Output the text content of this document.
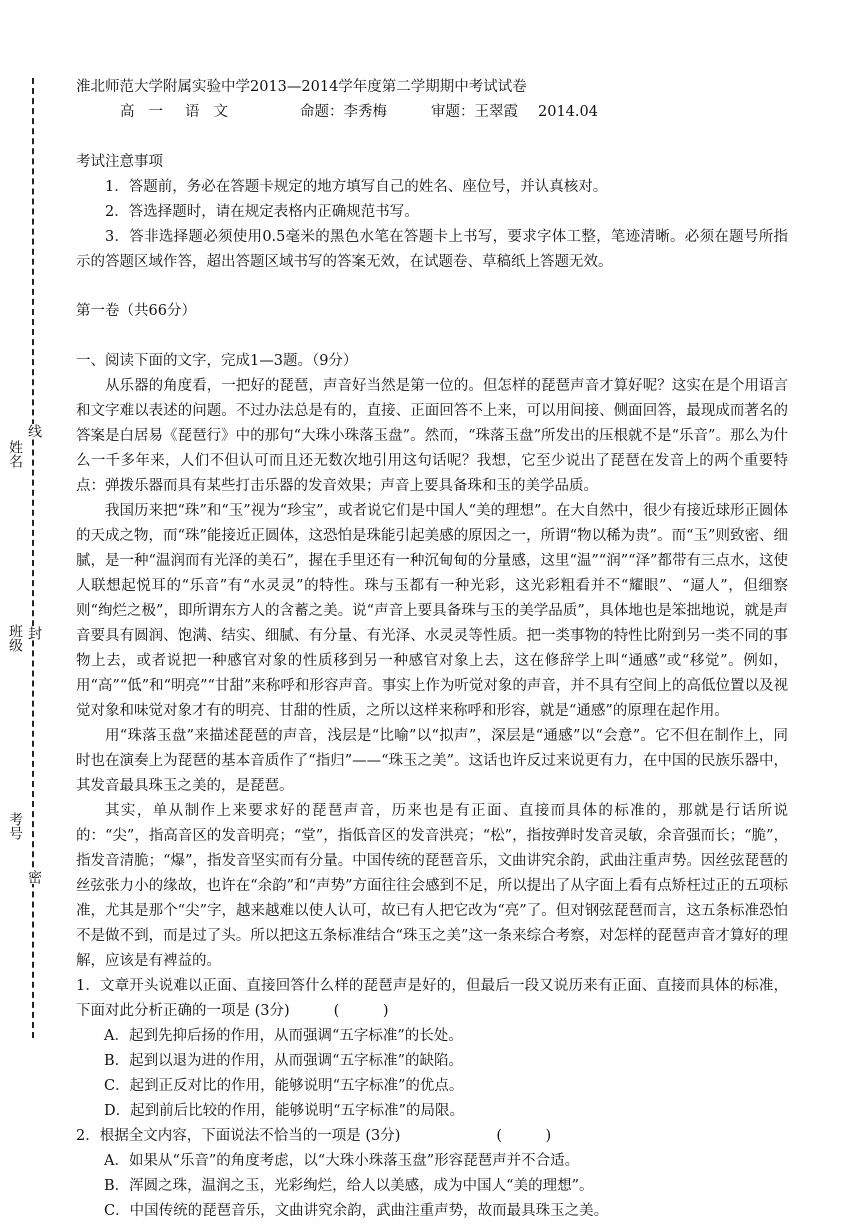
姓名
班级
考号
线
封
密
淮北师范大学附属实验中学2013—2014学年度第二学期期中考试试卷
高一 语文	命题：李秀梅	审题：王翠霞 2014.04
考试注意事项

1．答题前，务必在答题卡规定的地方填写自己的姓名、座位号，并认真核对。

2．答选择题时，请在规定表格内正确规范书写。

3．答非选择题必须使用0.5毫米的黑色水笔在答题卡上书写，要求字体工整，笔迹清晰。必须在题号所指示的答题区域作答，超出答题区域书写的答案无效，在试题卷、草稿纸上答题无效。

第一卷（共66分）
一、阅读下面的文字，完成1—3题。（9分）

从乐器的角度看，一把好的琵琶，声音好当然是第一位的。但怎样的琵琶声音才算好呢？这实在是个用语言和文字难以表述的问题。不过办法总是有的，直接、正面回答不上来，可以用间接、侧面回答，最现成而著名的答案是白居易《琵琶行》中的那句“大珠小珠落玉盘”。然而，“珠落玉盘”所发出的压根就不是“乐音”。那么为什么一千多年来，人们不但认可而且还无数次地引用这句话呢？我想，它至少说出了琵琶在发音上的两个重要特点：弹拨乐器而具有某些打击乐器的发音效果；声音上要具备珠和玉的美学品质。

我国历来把“珠”和“玉”视为“珍宝”，或者说它们是中国人“美的理想”。在大自然中，很少有接近球形正圆体的天成之物，而“珠”能接近正圆体，这恐怕是珠能引起美感的原因之一，所谓“物以稀为贵”。而“玉”则致密、细腻，是一种“温润而有光泽的美石”，握在手里还有一种沉甸甸的分量感，这里“温”“润”“泽”都带有三点水，这使人联想起悦耳的“乐音”有“水灵灵”的特性。珠与玉都有一种光彩，这光彩粗看并不“耀眼”、“逼人”，但细察则“绚烂之极”，即所谓东方人的含蓄之美。说“声音上要具备珠与玉的美学品质”，具体地也是笨拙地说，就是声音要具有圆润、饱满、结实、细腻、有分量、有光泽、水灵灵等性质。把一类事物的特性比附到另一类不同的事物上去，或者说把一种感官对象的性质移到另一种感官对象上去，这在修辞学上叫“通感”或“移觉”。例如，用“高”“低”和“明亮”“甘甜”来称呼和形容声音。事实上作为听觉对象的声音，并不具有空间上的高低位置以及视觉对象和味觉对象才有的明亮、甘甜的性质，之所以这样来称呼和形容，就是“通感”的原理在起作用。

用“珠落玉盘”来描述琵琶的声音，浅层是“比喻”以“拟声”，深层是“通感”以“会意”。它不但在制作上，同时也在演奏上为琵琶的基本音质作了“指归”——“珠玉之美”。这话也许反过来说更有力，在中国的民族乐器中，其发音最具珠玉之美的，是琵琶。

其实，单从制作上来要求好的琵琶声音，历来也是有正面、直接而具体的标准的，那就是行话所说的：“尖”，指高音区的发音明亮；“堂”，指低音区的发音洪亮；“松”，指按弹时发音灵敏，余音强而长；“脆”，指发音清脆；“爆”，指发音坚实而有分量。中国传统的琵琶音乐，文曲讲究余韵，武曲注重声势。因丝弦琵琶的丝弦张力小的缘故，也许在“余韵”和“声势”方面往往会感到不足，所以提出了从字面上看有点矫枉过正的五项标准，尤其是那个“尖”字，越来越难以使人认可，故已有人把它改为“亮”了。但对钢弦琵琶而言，这五条标准恐怕不是做不到，而是过了头。所以把这五条标准结合“珠玉之美”这一条来综合考察，对怎样的琵琶声音才算好的理解，应该是有裨益的。

1．文章开头说难以正面、直接回答什么样的琵琶声是好的，但最后一段又说历来有正面、直接而具体的标准，下面对此分析正确的一项是 (3分)	(　　　)
A．起到先抑后扬的作用，从而强调“五字标准”的长处。
B．起到以退为进的作用，从而强调“五字标准”的缺陷。
C．起到正反对比的作用，能够说明“五字标准”的优点。
D．起到前后比较的作用，能够说明“五字标准”的局限。
2．根据全文内容，下面说法不恰当的一项是 (3分)	(　　　)
A．如果从“乐音”的角度考虑，以“大珠小珠落玉盘”形容琵琶声并不合适。
B．浑圆之珠，温润之玉，光彩绚烂，给人以美感，成为中国人“美的理想”。
C．中国传统的琵琶音乐，文曲讲究余韵，武曲注重声势，故而最具珠玉之美。
